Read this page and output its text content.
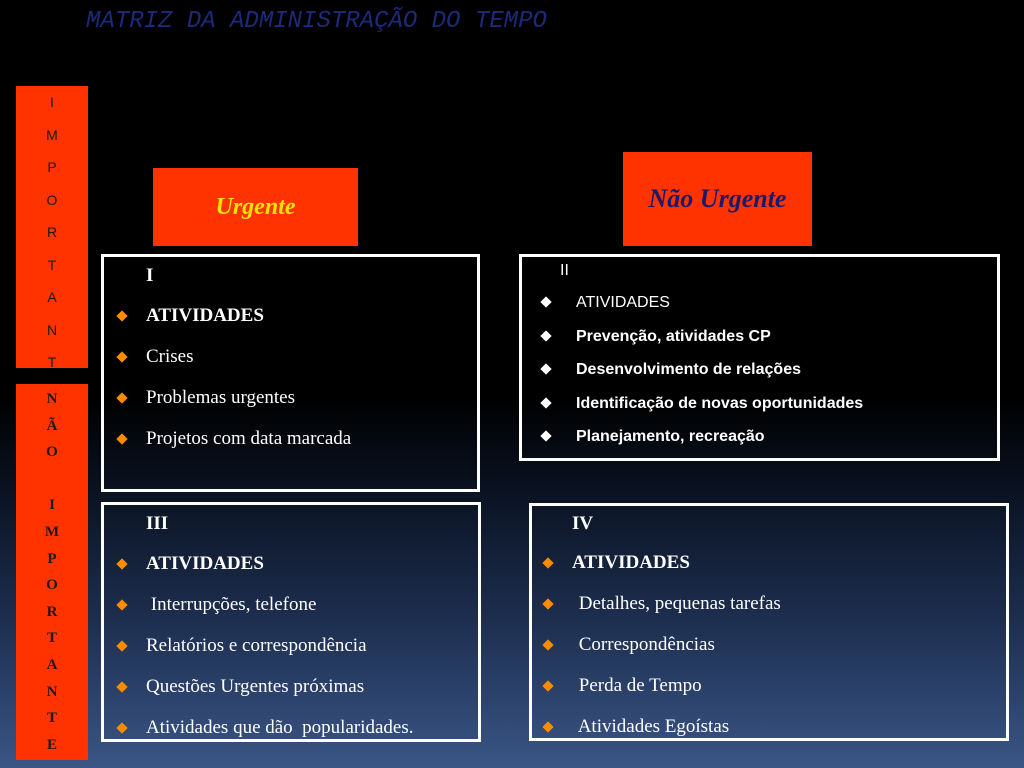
MATRIZ DA ADMINISTRAÇÃO DO TEMPO
I
M
P
O
R
T
A
N
T
N
Ã
O
I
M
P
O
R
T
A
N
T
E
Urgente	Não Urgente
I
ATIVIDADES
Crises
Problemas urgentes
Projetos com data marcada
II
ATIVIDADES
Prevenção, atividades CP
Desenvolvimento de relações
Identificação de novas oportunidades
Planejamento, recreação
III
ATIVIDADES
Interrupções, telefone
Relatórios e correspondência
Questões Urgentes próximas
Atividades que dão  popularidades.
IV
ATIVIDADES
Detalhes, pequenas tarefas
Correspondências
Perda de Tempo
Atividades Egoístas
